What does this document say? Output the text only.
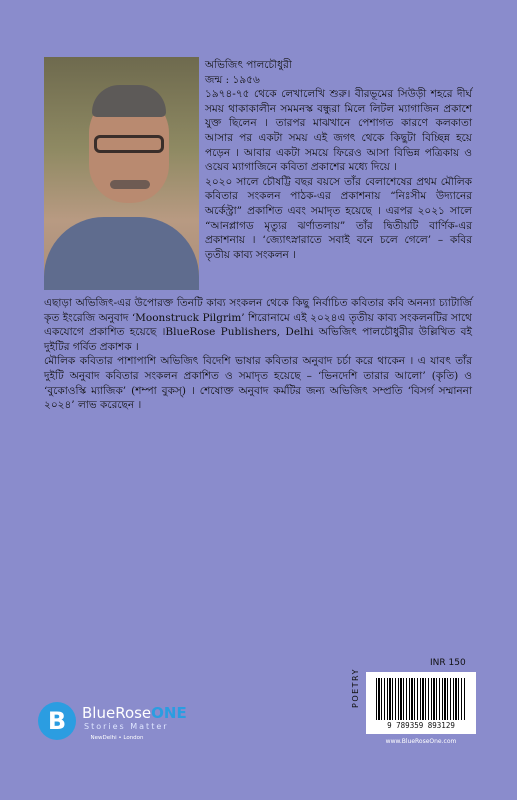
অভিজিৎ পালচৌধুরী

জন্ম : ১৯৫৬

১৯৭৪-৭৫ থেকে লেখালেখি শুরু। বীরভূমের সিউড়ী শহরে দীর্ঘ সময় থাকাকালীন সমমনস্ক বন্ধুরা মিলে লিটল ম্যাগাজিন প্রকাশে যুক্ত ছিলেন । তারপর মাঝখানে পেশাগত কারণে কলকাতা আসার পর একটা সময় এই জগৎ থেকে কিছুটা বিচ্ছিন্ন হয়ে পড়েন । আবার একটা সময়ে ফিরেও আসা বিভিন্ন পত্রিকায় ও ওয়েব ম্যাগাজিনে কবিতা প্রকাশের মধ্যে দিয়ে ।

২০২০ সালে চৌষট্টি বছর বয়সে তাঁর বেলাশেষের প্রথম মৌলিক কবিতার সংকলন পাঠক-এর প্রকাশনায় “নিঃসীম উদ্যানের অর্কেস্ট্রা” প্রকাশিত এবং সমাদৃত হয়েছে । এরপর ২০২১ সালে “আনপ্লাগড মৃত্যুর ঝর্ণাতলায়” তাঁর দ্বিতীয়টি বার্ণিক-এর প্রকাশনায় । ‘জ্যোৎস্নারাতে সবাই বনে চলে গেলে’ – কবির তৃতীয় কাব্য সংকলন ।

এছাড়া অভিজিৎ-এর উপোরক্ত তিনটি কাব্য সংকলন থেকে কিছু নির্বাচিত কবিতার কবি অনন্যা চ্যাটার্জি কৃত ইংরেজি অনুবাদ ‘Moonstruck Pilgrim’ শিরোনামে এই ২০২৪এ তৃতীয় কাব্য সংকলনটির সাথে একযোগে প্রকাশিত হয়েছে ।BlueRose Publishers, Delhi অভিজিৎ পালচৌধুরীর উল্লিখিত বই দুইটির গর্বিত প্রকাশক ।

মৌলিক কবিতার পাশাপাশি অভিজিৎ বিদেশি ভাষার কবিতার অনুবাদ চর্চা করে থাকেন । এ যাবৎ তাঁর দুইটি অনুবাদ কবিতার সংকলন প্রকাশিত ও সমাদৃত হয়েছে – ‘ভিনদেশি তারার আলো’ (কৃতি) ও ‘বুকোওস্কি ম্যাজিক’ (শম্পা বুকস্) । শেষোক্ত অনুবাদ কর্মটির জন্য অভিজিৎ সম্প্রতি ‘বিসর্গ সম্মাননা ২০২৪’ লাভ করেছেন ।

INR 150
POETRY
9 789359 893129
www.BlueRoseOne.com
B	BlueRoseONE
Stories Matter
NewDelhi • London
